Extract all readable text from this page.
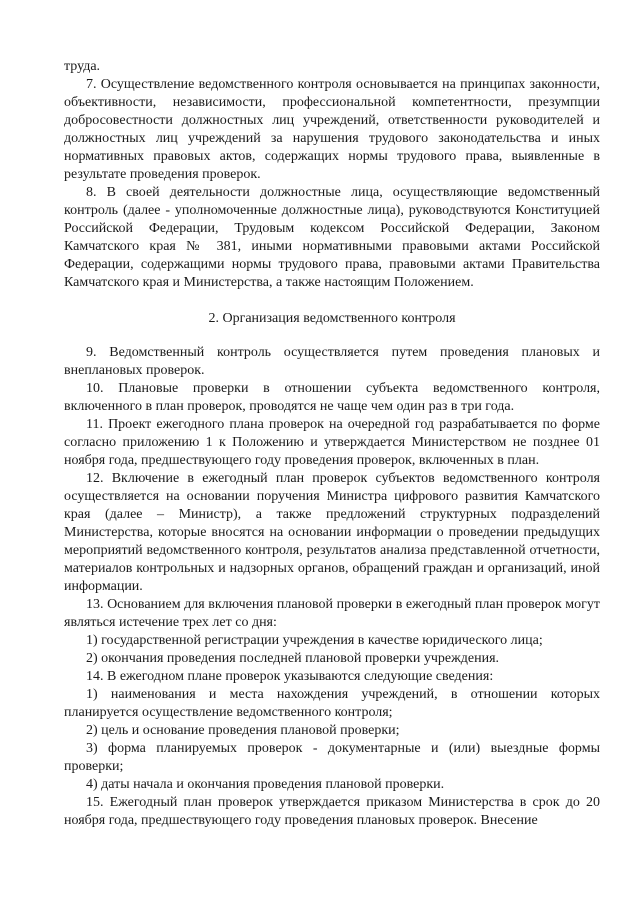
труда.

7. Осуществление ведомственного контроля основывается на принципах законности, объективности, независимости, профессиональной компетентности, презумпции добросовестности должностных лиц учреждений, ответственности руководителей и должностных лиц учреждений за нарушения трудового законодательства и иных нормативных правовых актов, содержащих нормы трудового права, выявленные в результате проведения проверок.

8. В своей деятельности должностные лица, осуществляющие ведомственный контроль (далее - уполномоченные должностные лица), руководствуются Конституцией Российской Федерации, Трудовым кодексом Российской Федерации, Законом Камчатского края № 381, иными нормативными правовыми актами Российской Федерации, содержащими нормы трудового права, правовыми актами Правительства Камчатского края и Министерства, а также настоящим Положением.

2. Организация ведомственного контроля

9. Ведомственный контроль осуществляется путем проведения плановых и внеплановых проверок.

10. Плановые проверки в отношении субъекта ведомственного контроля, включенного в план проверок, проводятся не чаще чем один раз в три года.

11. Проект ежегодного плана проверок на очередной год разрабатывается по форме согласно приложению 1 к Положению и утверждается Министерством не позднее 01 ноября года, предшествующего году проведения проверок, включенных в план.

12. Включение в ежегодный план проверок субъектов ведомственного контроля осуществляется на основании поручения Министра цифрового развития Камчатского края (далее – Министр), а также предложений структурных подразделений Министерства, которые вносятся на основании информации о проведении предыдущих мероприятий ведомственного контроля, результатов анализа представленной отчетности, материалов контрольных и надзорных органов, обращений граждан и организаций, иной информации.

13. Основанием для включения плановой проверки в ежегодный план проверок могут являться истечение трех лет со дня:

1) государственной регистрации учреждения в качестве юридического лица;

2) окончания проведения последней плановой проверки учреждения.

14. В ежегодном плане проверок указываются следующие сведения:

1) наименования и места нахождения учреждений, в отношении которых планируется осуществление ведомственного контроля;

2) цель и основание проведения плановой проверки;

3) форма планируемых проверок - документарные и (или) выездные формы проверки;

4) даты начала и окончания проведения плановой проверки.

15. Ежегодный план проверок утверждается приказом Министерства в срок до 20 ноября года, предшествующего году проведения плановых проверок. Внесение
